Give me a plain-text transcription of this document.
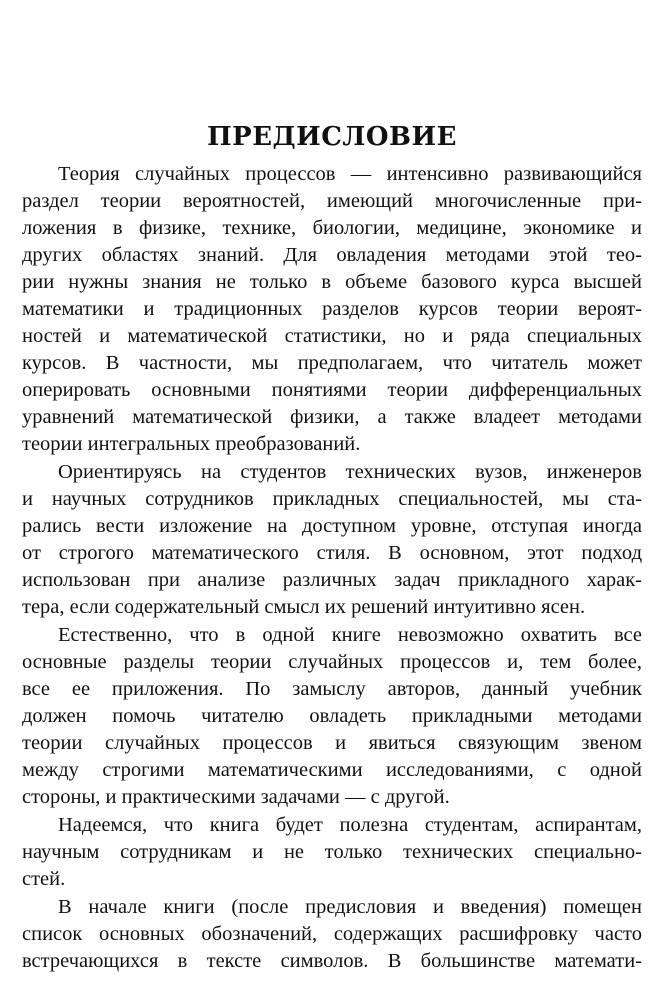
ПРЕДИСЛОВИЕ
Теория случайных процессов — интенсивно развивающийся
раздел теории вероятностей, имеющий многочисленные при-
ложения в физике, технике, биологии, медицине, экономике и
других областях знаний. Для овладения методами этой тео-
рии нужны знания не только в объеме базового курса высшей
математики и традиционных разделов курсов теории вероят-
ностей и математической статистики, но и ряда специальных
курсов. В частности, мы предполагаем, что читатель может
оперировать основными понятиями теории дифференциальных
уравнений математической физики, а также владеет методами
теории интегральных преобразований.
Ориентируясь на студентов технических вузов, инженеров
и научных сотрудников прикладных специальностей, мы ста-
рались вести изложение на доступном уровне, отступая иногда
от строгого математического стиля. В основном, этот подход
использован при анализе различных задач прикладного харак-
тера, если содержательный смысл их решений интуитивно ясен.
Естественно, что в одной книге невозможно охватить все
основные разделы теории случайных процессов и, тем более,
все ее приложения. По замыслу авторов, данный учебник
должен помочь читателю овладеть прикладными методами
теории случайных процессов и явиться связующим звеном
между строгими математическими исследованиями, с одной
стороны, и практическими задачами — с другой.
Надеемся, что книга будет полезна студентам, аспирантам,
научным сотрудникам и не только технических специально-
стей.
В начале книги (после предисловия и введения) помещен
список основных обозначений, содержащих расшифровку часто
встречающихся в тексте символов. В большинстве математи-
